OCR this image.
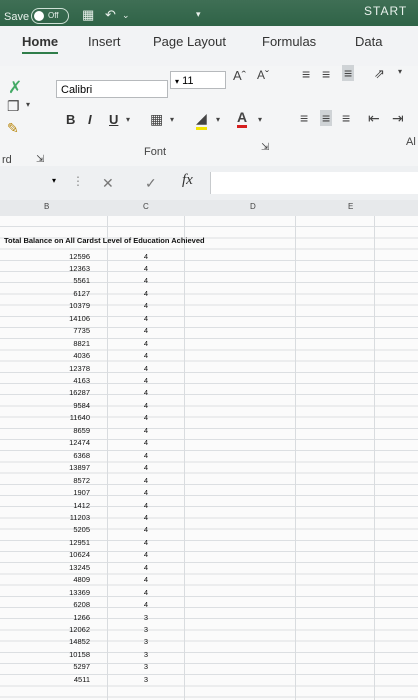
Save Off ▦ ↶ ⌄	▾	START
Home Insert Page Layout	Formulas	Data
✗
❐ ▾
✎
rd ⇲
Aˆ Aˇ ≡ ≡ ≡ ⇗ ▾
B I U ▾ ▦ ▾ ◢ ▾ A ▾	≡ ≡ ≡ ⇤ ⇥
Al
Font	⇲
Calibri
▾ 11
▾ ⋮ ✕ ✓ fx
B	C	D	E
Total Balance on All Cardst Level of Education Achieved
12596	4
12363	4
5561	4
6127	4
10379	4
14106	4
7735	4
8821	4
4036	4
12378	4
4163	4
16287	4
9584	4
11640	4
8659	4
12474	4
6368	4
13897	4
8572	4
1907	4
1412	4
11203	4
5205	4
12951	4
10624	4
13245	4
4809	4
13369	4
6208	4
1266	3
12062	3
14852	3
10158	3
5297	3
4511	3
